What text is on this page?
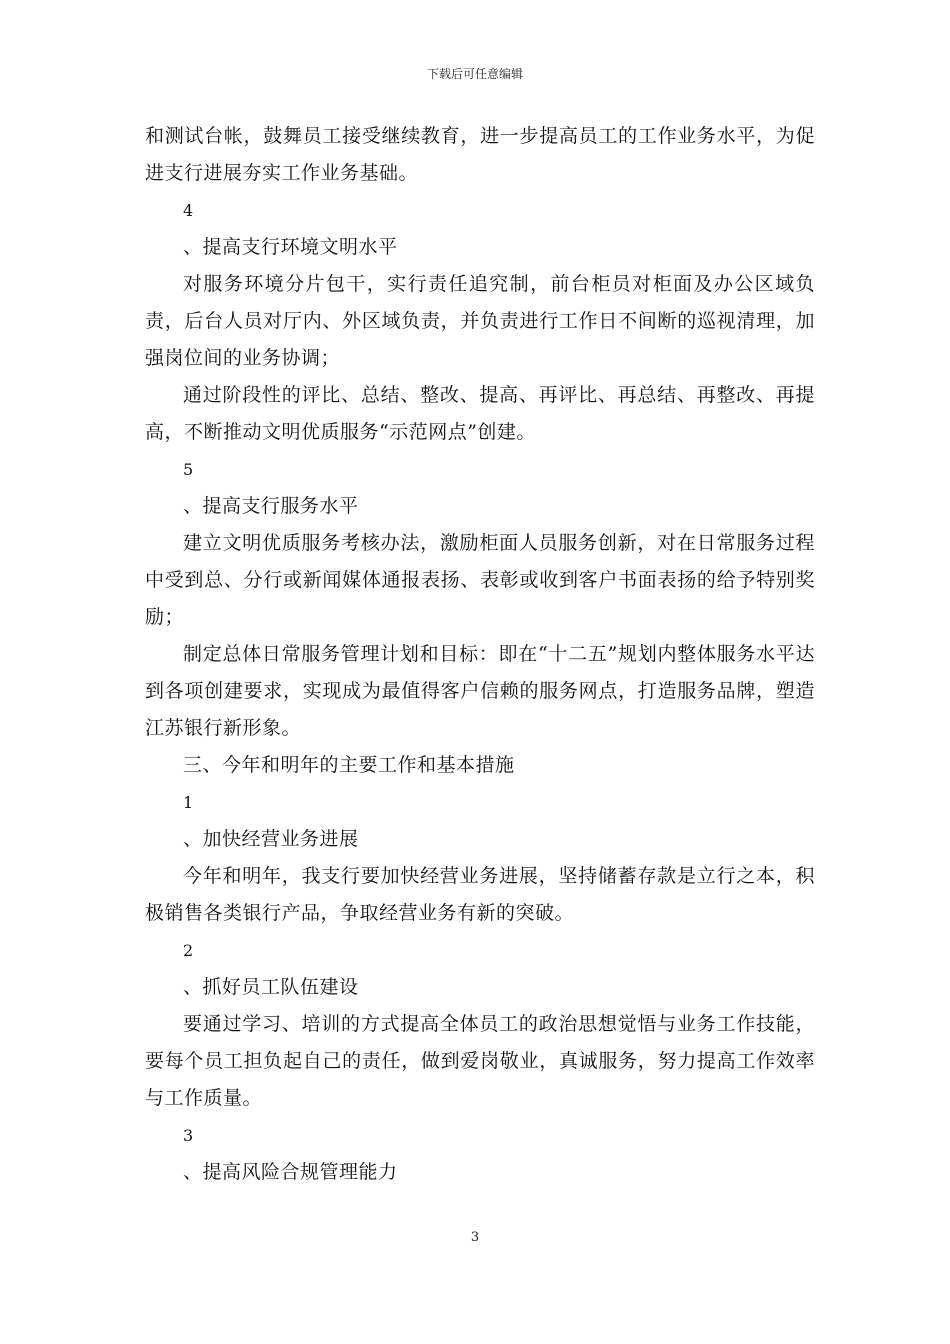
下载后可任意编辑

和测试台帐，鼓舞员工接受继续教育，进一步提高员工的工作业务水平，为促进支行进展夯实工作业务基础。

4

、提高支行环境文明水平

对服务环境分片包干，实行责任追究制，前台柜员对柜面及办公区域负责，后台人员对厅内、外区域负责，并负责进行工作日不间断的巡视清理，加强岗位间的业务协调；

通过阶段性的评比、总结、整改、提高、再评比、再总结、再整改、再提高，不断推动文明优质服务“示范网点”创建。

5

、提高支行服务水平

建立文明优质服务考核办法，激励柜面人员服务创新，对在日常服务过程中受到总、分行或新闻媒体通报表扬、表彰或收到客户书面表扬的给予特别奖励；

制定总体日常服务管理计划和目标：即在“十二五”规划内整体服务水平达到各项创建要求，实现成为最值得客户信赖的服务网点，打造服务品牌，塑造江苏银行新形象。

三、今年和明年的主要工作和基本措施

1

、加快经营业务进展

今年和明年，我支行要加快经营业务进展，坚持储蓄存款是立行之本，积极销售各类银行产品，争取经营业务有新的突破。

2

、抓好员工队伍建设

要通过学习、培训的方式提高全体员工的政治思想觉悟与业务工作技能，要每个员工担负起自己的责任，做到爱岗敬业，真诚服务，努力提高工作效率与工作质量。

3

、提高风险合规管理能力

3
